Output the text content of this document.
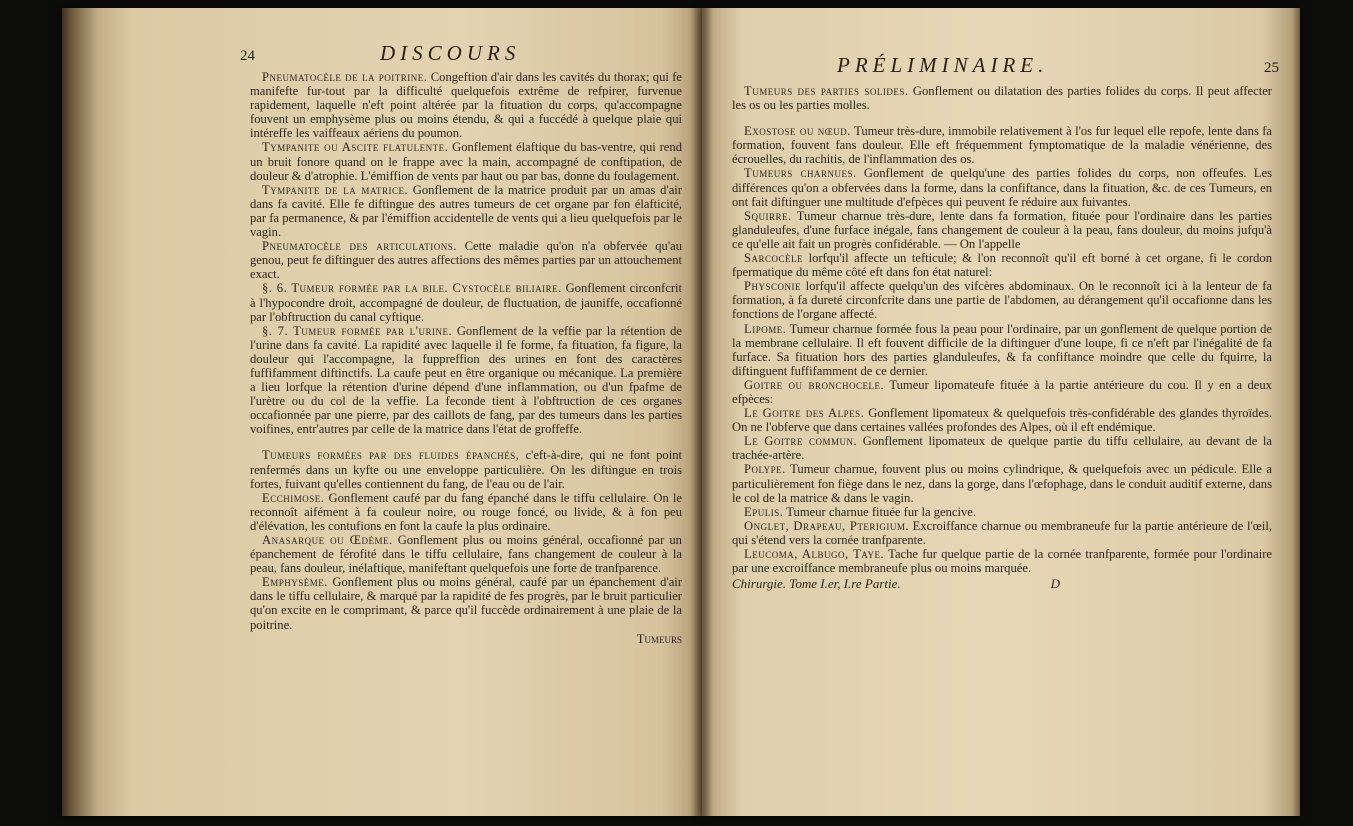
24	DISCOURS

Pneumatocèle de la poitrine. Congeftion d'air dans les cavités du thorax; qui fe manifefte fur-tout par la difficulté quelquefois extrême de refpirer, furvenue rapidement, laquelle n'eft point altérée par la fituation du corps, qu'accompagne fouvent un emphysème plus ou moins étendu, & qui a fuccédé à quelque plaie qui intéreffe les vaiffeaux aériens du poumon.

Tympanite ou Ascite flatulente. Gonflement élaftique du bas-ventre, qui rend un bruit fonore quand on le frappe avec la main, accompagné de conftipation, de douleur & d'atrophie. L'émiffion de vents par haut ou par bas, donne du foulagement.

Tympanite de la matrice. Gonflement de la matrice produit par un amas d'air dans fa cavité. Elle fe diftingue des autres tumeurs de cet organe par fon élafticité, par fa permanence, & par l'émiffion accidentelle de vents qui a lieu quelquefois par le vagin.

Pneumatocèle des articulations. Cette maladie qu'on n'a obfervée qu'au genou, peut fe diftinguer des autres affections des mêmes parties par un attouchement exact.

§. 6. Tumeur formée par la bile. Cystocèle biliaire. Gonflement circonfcrit à l'hypocondre droit, accompagné de douleur, de fluctuation, de jauniffe, occafionné par l'obftruction du canal cyftique.

§. 7. Tumeur formée par l'urine. Gonflement de la veffie par la rétention de l'urine dans fa cavité. La rapidité avec laquelle il fe forme, fa fituation, fa figure, la douleur qui l'accompagne, la fuppreffion des urines en font des caractères fuffifamment diftinctifs. La caufe peut en être organique ou mécanique. La première a lieu lorfque la rétention d'urine dépend d'une inflammation, ou d'un fpafme de l'urètre ou du col de la veffie. La feconde tient à l'obftruction de ces organes occafionnée par une pierre, par des caillots de fang, par des tumeurs dans les parties voifines, entr'autres par celle de la matrice dans l'état de groffeffe.

Tumeurs formées par des fluides épanchés, c'eft-à-dire, qui ne font point renfermés dans un kyfte ou une enveloppe particulière. On les diftingue en trois fortes, fuivant qu'elles contiennent du fang, de l'eau ou de l'air.

Ecchimose. Gonflement caufé par du fang épanché dans le tiffu cellulaire. On le reconnoît aifément à fa couleur noire, ou rouge foncé, ou livide, & à fon peu d'élévation, les contufions en font la caufe la plus ordinaire.

Anasarque ou Œdème. Gonflement plus ou moins général, occafionné par un épanchement de férofité dans le tiffu cellulaire, fans changement de couleur à la peau, fans douleur, inélaftique, manifeftant quelquefois une forte de tranfparence.

Emphysème. Gonflement plus ou moins général, caufé par un épanchement d'air dans le tiffu cellulaire, & marqué par la rapidité de fes progrès, par le bruit particulier qu'on excite en le comprimant, & parce qu'il fuccède ordinairement à une plaie de la poitrine.

Tumeurs
PRÉLIMINAIRE.	25

Tumeurs des parties solides. Gonflement ou dilatation des parties folides du corps. Il peut affecter les os ou les parties molles.

Exostose ou nœud. Tumeur très-dure, immobile relativement à l'os fur lequel elle repofe, lente dans fa formation, fouvent fans douleur. Elle eft fréquemment fymptomatique de la maladie vénérienne, des écrouelles, du rachitis, de l'inflammation des os.

Tumeurs charnues. Gonflement de quelqu'une des parties folides du corps, non offeufes. Les différences qu'on a obfervées dans la forme, dans la confiftance, dans la fituation, &c. de ces Tumeurs, en ont fait diftinguer une multitude d'efpèces qui peuvent fe réduire aux fuivantes.

Squirre. Tumeur charnue très-dure, lente dans fa formation, fituée pour l'ordinaire dans les parties glanduleufes, d'une furface inégale, fans changement de couleur à la peau, fans douleur, du moins jufqu'à ce qu'elle ait fait un progrès confidérable. — On l'appelle

Sarcocèle lorfqu'il affecte un tefticule; & l'on reconnoît qu'il eft borné à cet organe, fi le cordon fpermatique du même côté eft dans fon état naturel:

Physconie lorfqu'il affecte quelqu'un des vifcères abdominaux. On le reconnoît ici à la lenteur de fa formation, à fa dureté circonfcrite dans une partie de l'abdomen, au dérangement qu'il occafionne dans les fonctions de l'organe affecté.

Lipome. Tumeur charnue formée fous la peau pour l'ordinaire, par un gonflement de quelque portion de la membrane cellulaire. Il eft fouvent difficile de la diftinguer d'une loupe, fi ce n'eft par l'inégalité de fa furface. Sa fituation hors des parties glanduleufes, & fa confiftance moindre que celle du fquirre, la diftinguent fuffifamment de ce dernier.

Goitre ou bronchocele. Tumeur lipomateufe fituée à la partie antérieure du cou. Il y en a deux efpèces:

Le Goitre des Alpes. Gonflement lipomateux & quelquefois très-confidérable des glandes thyroïdes. On ne l'obferve que dans certaines vallées profondes des Alpes, où il eft endémique.

Le Goitre commun. Gonflement lipomateux de quelque partie du tiffu cellulaire, au devant de la trachée-artère.

Polype. Tumeur charnue, fouvent plus ou moins cylindrique, & quelquefois avec un pédicule. Elle a particulièrement fon fiège dans le nez, dans la gorge, dans l'œfophage, dans le conduit auditif externe, dans le col de la matrice & dans le vagin.

Epulis. Tumeur charnue fituée fur la gencive.

Onglet, Drapeau, Pterigium. Excroiffance charnue ou membraneufe fur la partie antérieure de l'œil, qui s'étend vers la cornée tranfparente.

Leucoma, Albugo, Taye. Tache fur quelque partie de la cornée tranfparente, formée pour l'ordinaire par une excroiffance membraneufe plus ou moins marquée.

Chirurgie. Tome I.er, I.re Partie.	D
